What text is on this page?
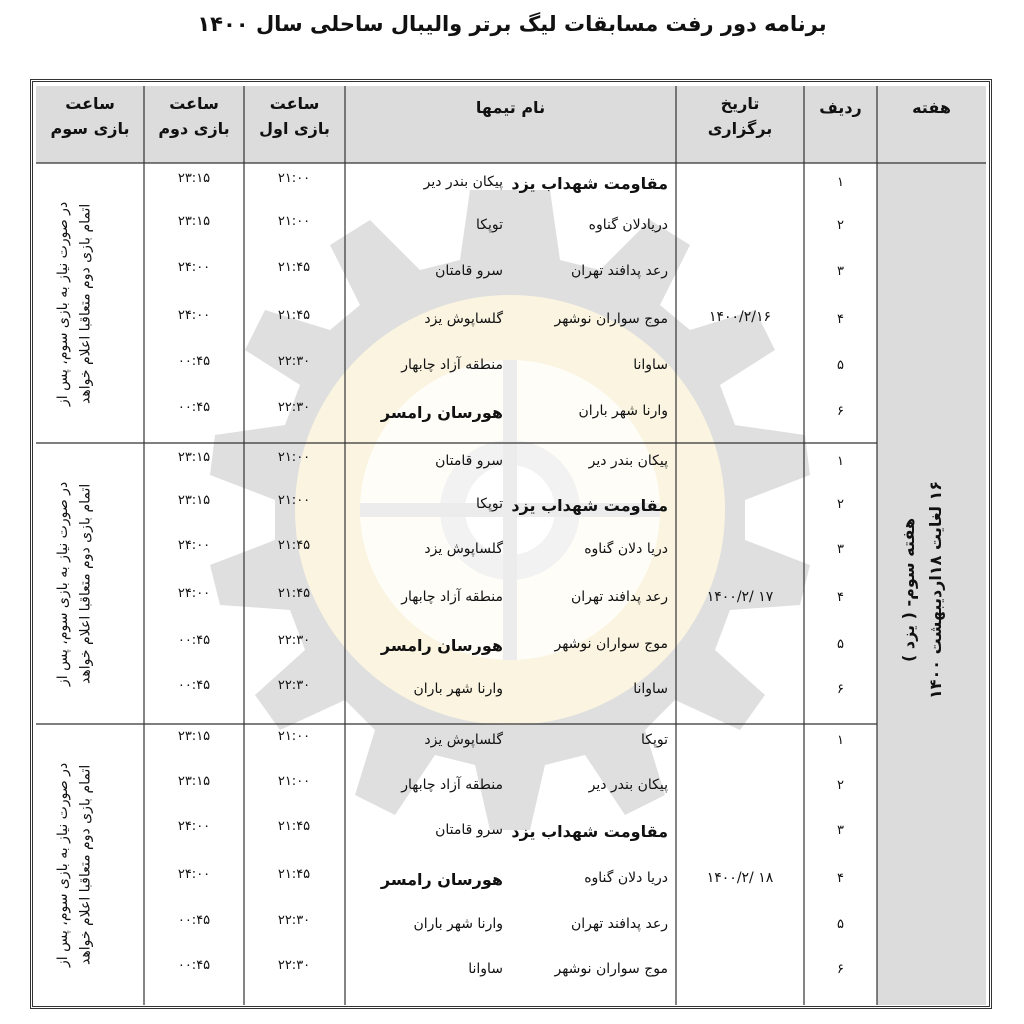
برنامه دور رفت مسابقات لیگ برتر والیبال ساحلی سال ۱۴۰۰
هفته
ردیف
تاریخ
برگزاری
نام تیمها
ساعت
بازی اول
ساعت
بازی دوم
ساعت
بازی سوم
هفته سوم- ( یزد )
۱۶ لغایت ۱۸اردیبهشت ۱۴۰۰
۱۴۰۰/۲/۱۶
در صورت نیاز به بازی سوم، پس از اتمام بازی دوم متعاقبا اعلام خواهد
۱
مقاومت شهداب یزد
پیکان بندر دیر
۲۱:۰۰
۲۳:۱۵
۲
دریادلان گناوه
توپکا
۲۱:۰۰
۲۳:۱۵
۳
رعد پدافند تهران
سرو قامتان
۲۱:۴۵
۲۴:۰۰
۴
موج سواران نوشهر
گلساپوش یزد
۲۱:۴۵
۲۴:۰۰
۵
ساوانا
منطقه آزاد چابهار
۲۲:۳۰
۰۰:۴۵
۶
وارنا شهر باران
هورسان رامسر
۲۲:۳۰
۰۰:۴۵
۱۴۰۰/۲/ ۱۷
در صورت نیاز به بازی سوم، پس از اتمام بازی دوم متعاقبا اعلام خواهد
۱
پیکان بندر دیر
سرو قامتان
۲۱:۰۰
۲۳:۱۵
۲
مقاومت شهداب یزد
توپکا
۲۱:۰۰
۲۳:۱۵
۳
دریا دلان گناوه
گلساپوش یزد
۲۱:۴۵
۲۴:۰۰
۴
رعد پدافند تهران
منطقه آزاد چابهار
۲۱:۴۵
۲۴:۰۰
۵
موج سواران نوشهر
هورسان رامسر
۲۲:۳۰
۰۰:۴۵
۶
ساوانا
وارنا شهر باران
۲۲:۳۰
۰۰:۴۵
۱۴۰۰/۲/ ۱۸
در صورت نیاز به بازی سوم، پس از اتمام بازی دوم متعاقبا اعلام خواهد
۱
توپکا
گلساپوش یزد
۲۱:۰۰
۲۳:۱۵
۲
پیکان بندر دیر
منطقه آزاد چابهار
۲۱:۰۰
۲۳:۱۵
۳
مقاومت شهداب یزد
سرو قامتان
۲۱:۴۵
۲۴:۰۰
۴
دریا دلان گناوه
هورسان رامسر
۲۱:۴۵
۲۴:۰۰
۵
رعد پدافند تهران
وارنا شهر باران
۲۲:۳۰
۰۰:۴۵
۶
موج سواران نوشهر
ساوانا
۲۲:۳۰
۰۰:۴۵
